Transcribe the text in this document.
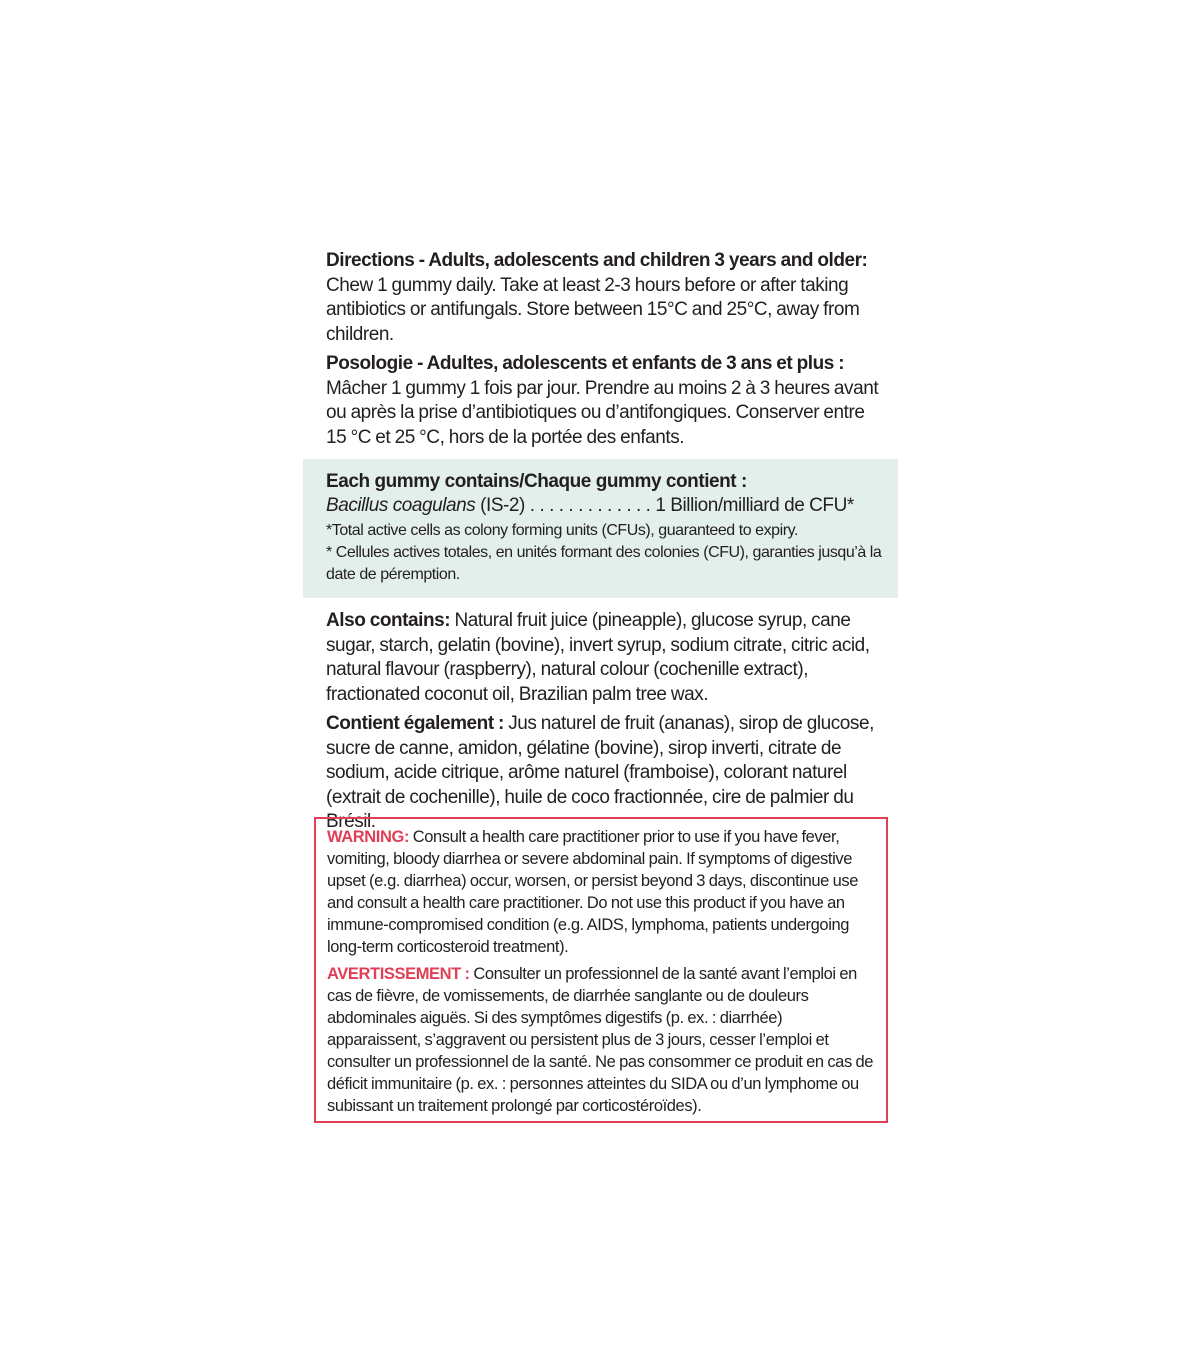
Directions - Adults, adolescents and children 3 years and older: Chew 1 gummy daily. Take at least 2-3 hours before or after taking antibiotics or antifungals. Store between 15°C and 25°C, away from children.

Posologie - Adultes, adolescents et enfants de 3 ans et plus : Mâcher 1 gummy 1 fois par jour. Prendre au moins 2 à 3 heures avant ou après la prise d’antibiotiques ou d’antifongiques. Conserver entre 15 °C et 25 °C, hors de la portée des enfants.

Each gummy contains/Chaque gummy contient :

Bacillus coagulans (IS-2) . . . . . . . . . . . . . 1 Billion/milliard de CFU*

*Total active cells as colony forming units (CFUs), guaranteed to expiry.

* Cellules actives totales, en unités formant des colonies (CFU), garanties jusqu’à la date de péremption.

Also contains: Natural fruit juice (pineapple), glucose syrup, cane sugar, starch, gelatin (bovine), invert syrup, sodium citrate, citric acid, natural flavour (raspberry), natural colour (cochenille extract), fractionated coconut oil, Brazilian palm tree wax.

Contient également : Jus naturel de fruit (ananas), sirop de glucose, sucre de canne, amidon, gélatine (bovine), sirop inverti, citrate de sodium, acide citrique, arôme naturel (framboise), colorant naturel (extrait de cochenille), huile de coco fractionnée, cire de palmier du Brésil.

WARNING: Consult a health care practitioner prior to use if you have fever, vomiting, bloody diarrhea or severe abdominal pain. If symptoms of digestive upset (e.g. diarrhea) occur, worsen, or persist beyond 3 days, discontinue use and consult a health care practitioner. Do not use this product if you have an immune-compromised condition (e.g. AIDS, lymphoma, patients undergoing long-term corticosteroid treatment).

AVERTISSEMENT : Consulter un professionnel de la santé avant l’emploi en cas de fièvre, de vomissements, de diarrhée sanglante ou de douleurs abdominales aiguës. Si des symptômes digestifs (p. ex. : diarrhée) apparaissent, s’aggravent ou persistent plus de 3 jours, cesser l’emploi et consulter un professionnel de la santé. Ne pas consommer ce produit en cas de déficit immunitaire (p. ex. : personnes atteintes du SIDA ou d’un lymphome ou subissant un traitement prolongé par corticostéroïdes).
